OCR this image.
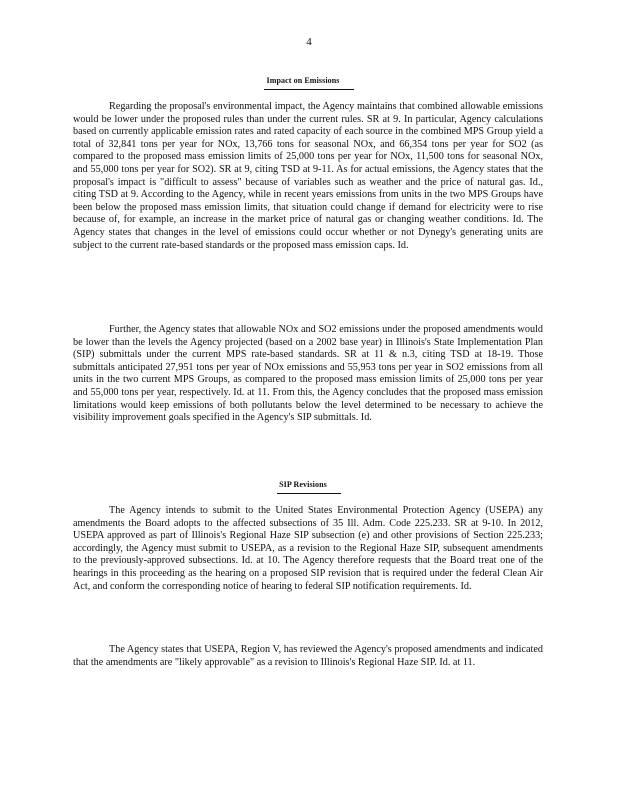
4
Impact on Emissions

Regarding the proposal's environmental impact, the Agency maintains that combined allowable emissions would be lower under the proposed rules than under the current rules. SR at 9. In particular, Agency calculations based on currently applicable emission rates and rated capacity of each source in the combined MPS Group yield a total of 32,841 tons per year for NOx, 13,766 tons for seasonal NOx, and 66,354 tons per year for SO2 (as compared to the proposed mass emission limits of 25,000 tons per year for NOx, 11,500 tons for seasonal NOx, and 55,000 tons per year for SO2). SR at 9, citing TSD at 9-11. As for actual emissions, the Agency states that the proposal's impact is "difficult to assess" because of variables such as weather and the price of natural gas. Id., citing TSD at 9. According to the Agency, while in recent years emissions from units in the two MPS Groups have been below the proposed mass emission limits, that situation could change if demand for electricity were to rise because of, for example, an increase in the market price of natural gas or changing weather conditions. Id. The Agency states that changes in the level of emissions could occur whether or not Dynegy's generating units are subject to the current rate-based standards or the proposed mass emission caps. Id.

Further, the Agency states that allowable NOx and SO2 emissions under the proposed amendments would be lower than the levels the Agency projected (based on a 2002 base year) in Illinois's State Implementation Plan (SIP) submittals under the current MPS rate-based standards. SR at 11 & n.3, citing TSD at 18-19. Those submittals anticipated 27,951 tons per year of NOx emissions and 55,953 tons per year in SO2 emissions from all units in the two current MPS Groups, as compared to the proposed mass emission limits of 25,000 tons per year and 55,000 tons per year, respectively. Id. at 11. From this, the Agency concludes that the proposed mass emission limitations would keep emissions of both pollutants below the level determined to be necessary to achieve the visibility improvement goals specified in the Agency's SIP submittals. Id.

SIP Revisions

The Agency intends to submit to the United States Environmental Protection Agency (USEPA) any amendments the Board adopts to the affected subsections of 35 Ill. Adm. Code 225.233. SR at 9-10. In 2012, USEPA approved as part of Illinois's Regional Haze SIP subsection (e) and other provisions of Section 225.233; accordingly, the Agency must submit to USEPA, as a revision to the Regional Haze SIP, subsequent amendments to the previously-approved subsections. Id. at 10. The Agency therefore requests that the Board treat one of the hearings in this proceeding as the hearing on a proposed SIP revision that is required under the federal Clean Air Act, and conform the corresponding notice of hearing to federal SIP notification requirements. Id.

The Agency states that USEPA, Region V, has reviewed the Agency's proposed amendments and indicated that the amendments are "likely approvable" as a revision to Illinois's Regional Haze SIP. Id. at 11.
